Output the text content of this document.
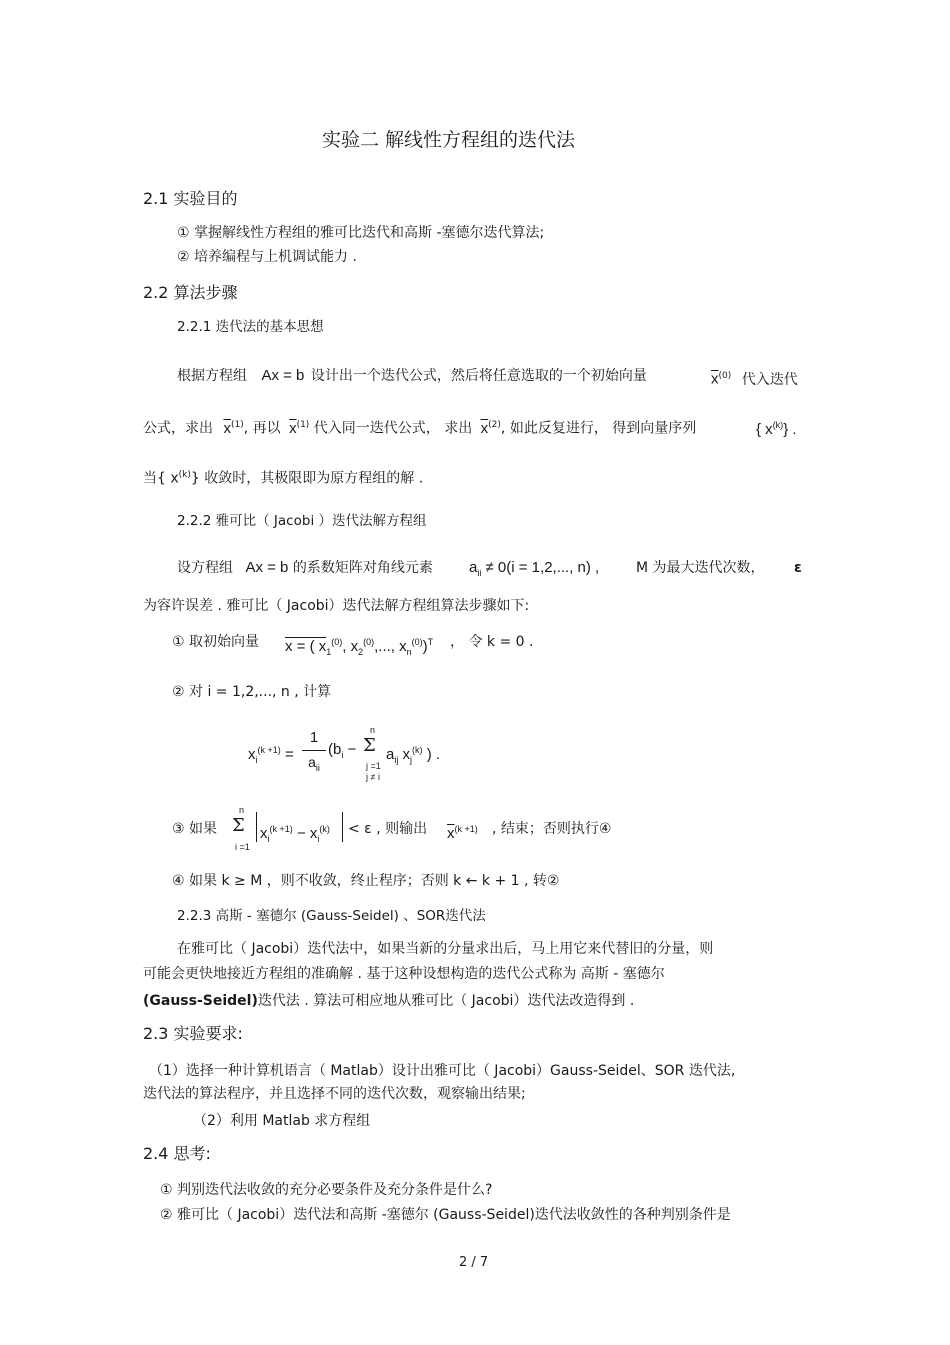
实验二 解线性方程组的迭代法
2.1 实验目的
① 掌握解线性方程组的雅可比迭代和高斯 -塞德尔迭代算法;
② 培养编程与上机调试能力 .
2.2 算法步骤
2.2.1 迭代法的基本思想
根据方程组 Ax = b 设计出一个迭代公式，然后将任意选取的一个初始向量	$\overline{x}^{(0)}$ 代入迭代
公式，求出 $\overline{x}^{(1)}$, 再以 $\overline{x}^{(1)}$ 代入同一迭代公式， 求出 $\overline{x}^{(2)}$, 如此反复进行， 得到向量序列	{ $x^{(k)}$} .
当{ $x^{(k)}$} 收敛时，其极限即为原方程组的解 .
2.2.2 雅可比（ Jacobi ）迭代法解方程组
设方程组 Ax = b 的系数矩阵对角线元素 $a_{ii} \ne 0(i = 1,2$,..., n) ,	M 为最大迭代次数， ε
为容许误差 . 雅可比（ Jacobi）迭代法解方程组算法步骤如下:
① 取初始向量 x = ( $x_1^{(0)}$, $x_2^{(0)}$,..., $x_n^{(0)})^T$ ， 令 k = 0 .
② 对 i = 1,2,..., n , 计算
$x_i^{(k +1)}$ =
1
$a_{ii}$
($b_i$ −
n
Σ
j =1
j ≠ i
$a_{ij}$ $x_j^{(k)}$ ) .
③ 如果
n
Σ
i =1
$x_i^{(k +1)} - x_i^{(k)} < \varepsilon$ , 则输出 $\overline{x}^{(k +1)}$ , 结束；否则执行④
④ 如果 k ≥ M ，则不收敛，终止程序；否则 k ← k + 1 , 转②
2.2.3 高斯 - 塞德尔 (Gauss-Seidel) 、SOR迭代法
在雅可比（ Jacobi）迭代法中，如果当新的分量求出后，马上用它来代替旧的分量，则
可能会更快地接近方程组的准确解 . 基于这种设想构造的迭代公式称为 高斯 - 塞德尔
(Gauss-Seidel)迭代法 . 算法可相应地从雅可比（ Jacobi）迭代法改造得到 .
2.3 实验要求:
（1）选择一种计算机语言（ Matlab）设计出雅可比（ Jacobi）Gauss-Seidel、SOR 迭代法,
迭代法的算法程序，并且选择不同的迭代次数，观察输出结果;
（2）利用 Matlab 求方程组
2.4 思考:
① 判别迭代法收敛的充分必要条件及充分条件是什么?
② 雅可比（ Jacobi）迭代法和高斯 -塞德尔 (Gauss-Seidel)迭代法收敛性的各种判别条件是
2 / 7
